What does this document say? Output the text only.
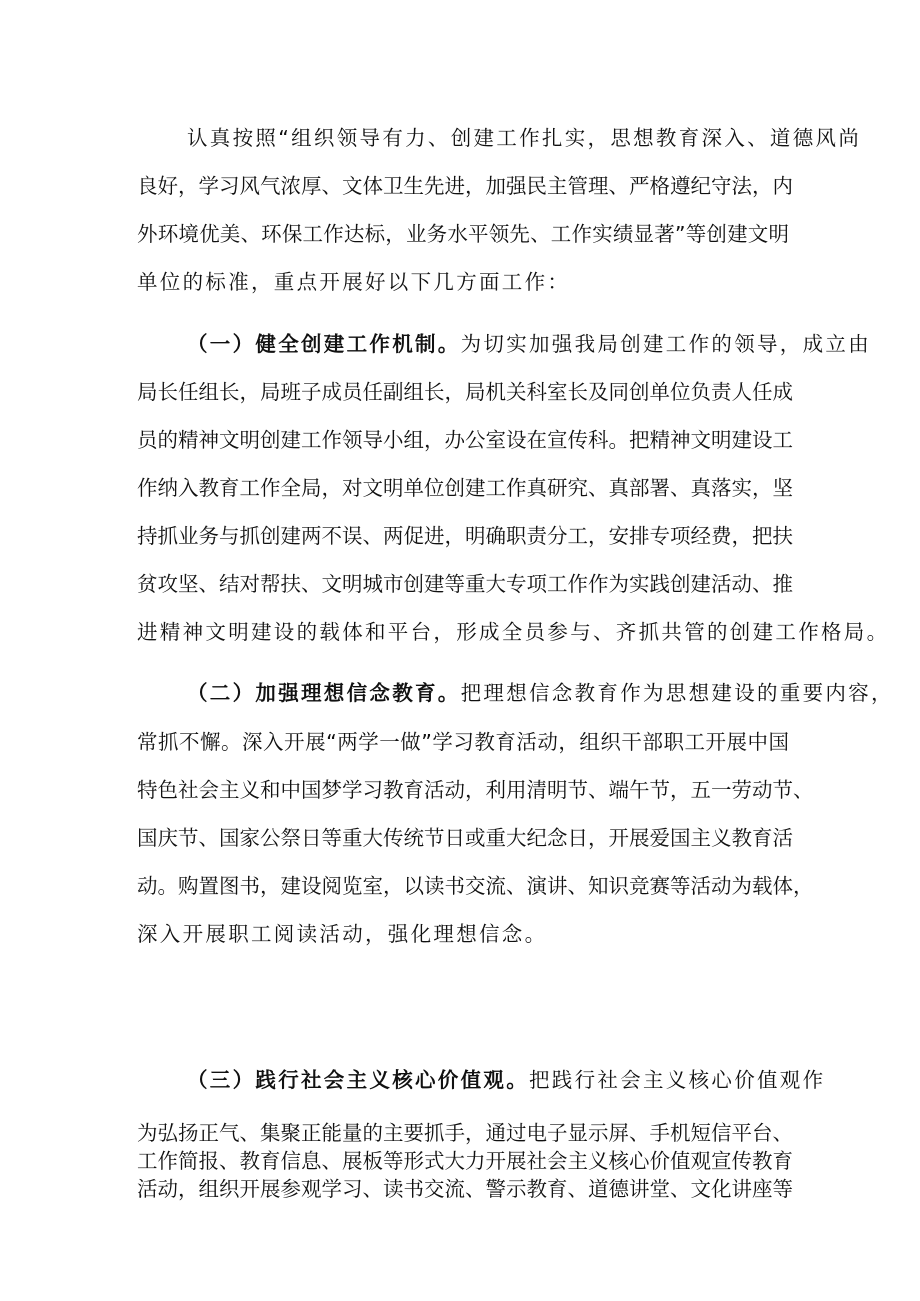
认真按照“组织领导有力、创建工作扎实，思想教育深入、道德风尚
良好，学习风气浓厚、文体卫生先进，加强民主管理、严格遵纪守法，内
外环境优美、环保工作达标，业务水平领先、工作实绩显著”等创建文明
单位的标准，重点开展好以下几方面工作：
（一）健全创建工作机制。为切实加强我局创建工作的领导，成立由
局长任组长，局班子成员任副组长，局机关科室长及同创单位负责人任成
员的精神文明创建工作领导小组，办公室设在宣传科。把精神文明建设工
作纳入教育工作全局，对文明单位创建工作真研究、真部署、真落实，坚
持抓业务与抓创建两不误、两促进，明确职责分工，安排专项经费，把扶
贫攻坚、结对帮扶、文明城市创建等重大专项工作作为实践创建活动、推
进精神文明建设的载体和平台，形成全员参与、齐抓共管的创建工作格局。
（二）加强理想信念教育。把理想信念教育作为思想建设的重要内容，
常抓不懈。深入开展“两学一做”学习教育活动，组织干部职工开展中国
特色社会主义和中国梦学习教育活动，利用清明节、端午节，五一劳动节、
国庆节、国家公祭日等重大传统节日或重大纪念日，开展爱国主义教育活
动。购置图书，建设阅览室，以读书交流、演讲、知识竞赛等活动为载体，
深入开展职工阅读活动，强化理想信念。
（三）践行社会主义核心价值观。把践行社会主义核心价值观作
为弘扬正气、集聚正能量的主要抓手，通过电子显示屏、手机短信平台、
工作简报、教育信息、展板等形式大力开展社会主义核心价值观宣传教育
活动，组织开展参观学习、读书交流、警示教育、道德讲堂、文化讲座等
